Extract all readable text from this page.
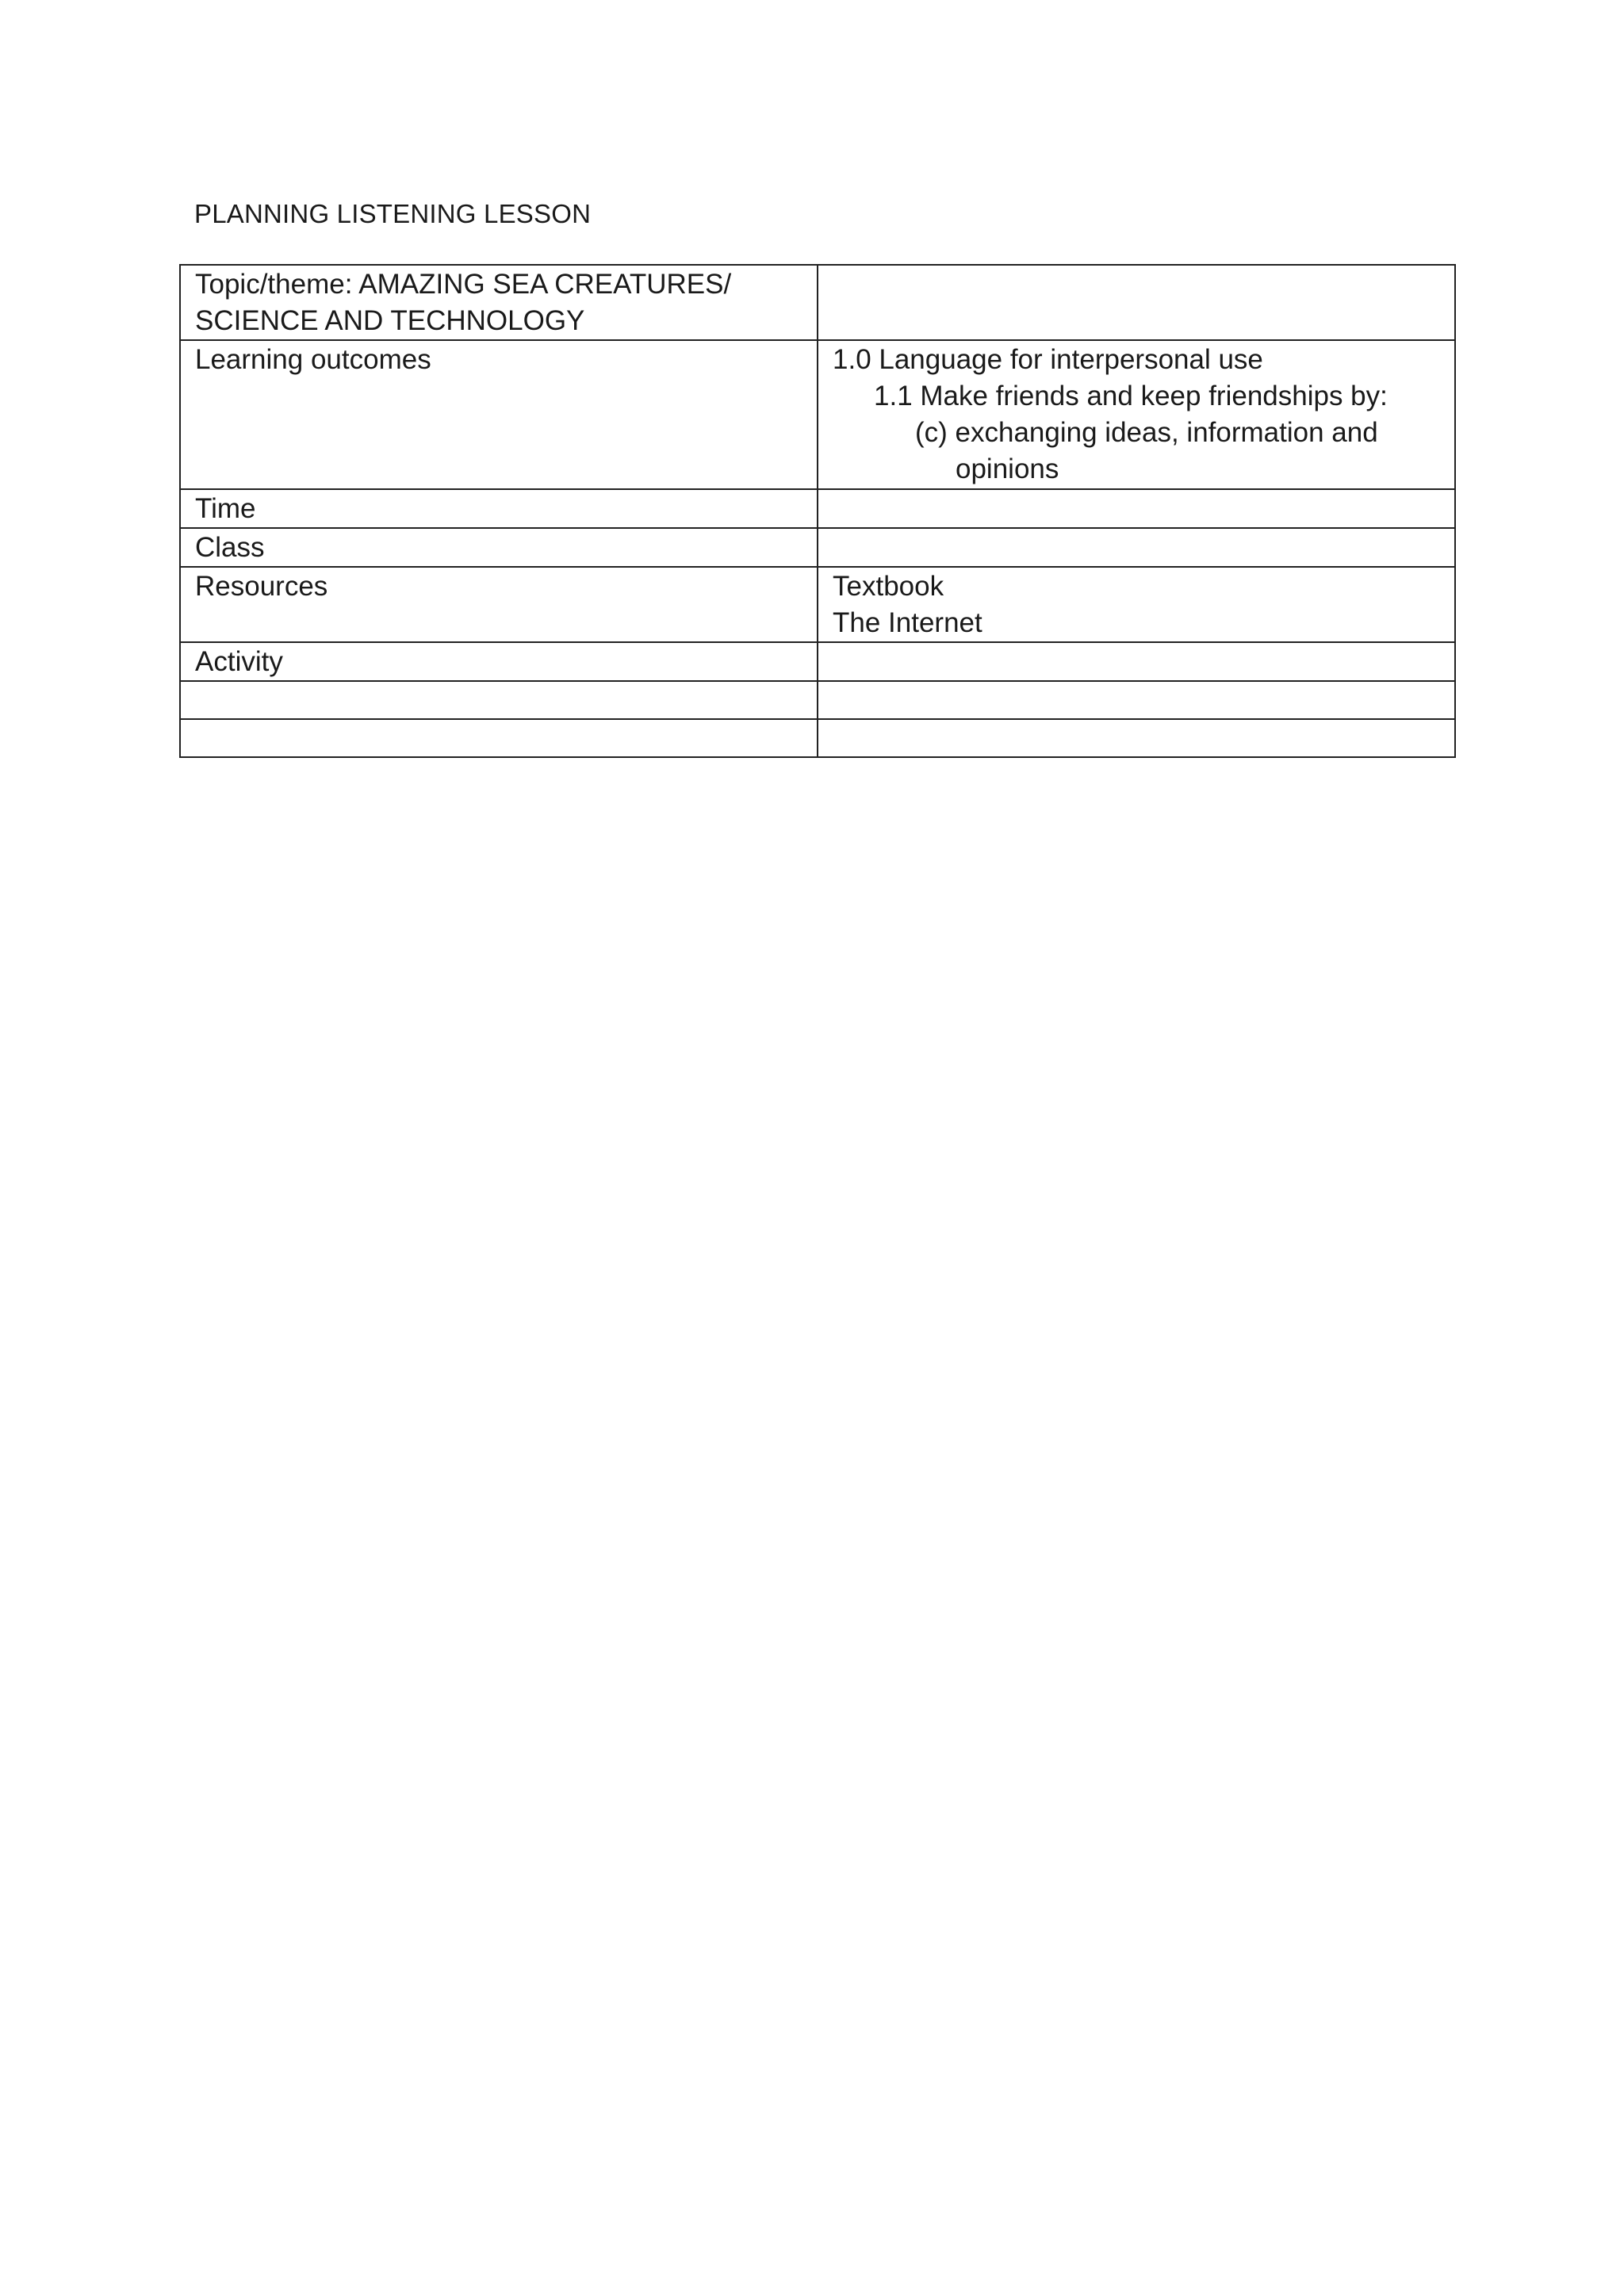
PLANNING LISTENING LESSON
Topic/theme: AMAZING SEA CREATURES/
SCIENCE AND TECHNOLOGY	

Learning outcomes	1.0 Language for interpersonal use
1.1 Make friends and keep friendships by:
(c) exchanging ideas, information and
opinions

Time	
Class	
Resources	Textbook
The Internet

Activity	
